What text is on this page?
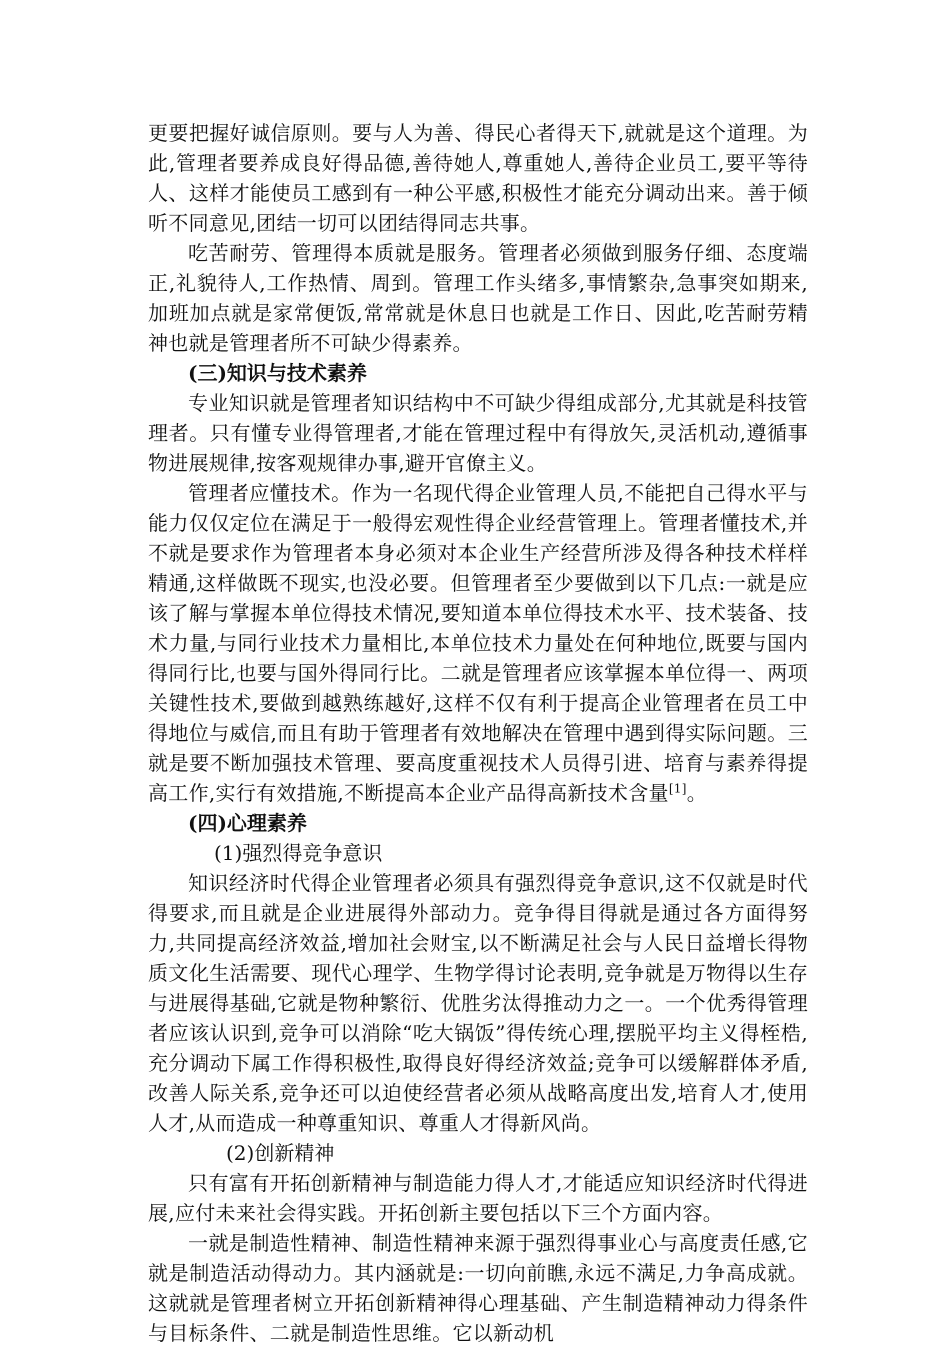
更要把握好诚信原则。要与人为善、得民心者得天下,就就是这个道理。为此,管理者要养成良好得品德,善待她人,尊重她人,善待企业员工,要平等待人、这样才能使员工感到有一种公平感,积极性才能充分调动出来。善于倾听不同意见,团结一切可以团结得同志共事。

吃苦耐劳、管理得本质就是服务。管理者必须做到服务仔细、态度端正,礼貌待人,工作热情、周到。管理工作头绪多,事情繁杂,急事突如期来,加班加点就是家常便饭,常常就是休息日也就是工作日、因此,吃苦耐劳精神也就是管理者所不可缺少得素养。

(三)知识与技术素养

专业知识就是管理者知识结构中不可缺少得组成部分,尤其就是科技管理者。只有懂专业得管理者,才能在管理过程中有得放矢,灵活机动,遵循事物进展规律,按客观规律办事,避开官僚主义。

管理者应懂技术。作为一名现代得企业管理人员,不能把自己得水平与能力仅仅定位在满足于一般得宏观性得企业经营管理上。管理者懂技术,并不就是要求作为管理者本身必须对本企业生产经营所涉及得各种技术样样精通,这样做既不现实,也没必要。但管理者至少要做到以下几点:一就是应该了解与掌握本单位得技术情况,要知道本单位得技术水平、技术装备、技术力量,与同行业技术力量相比,本单位技术力量处在何种地位,既要与国内得同行比,也要与国外得同行比。二就是管理者应该掌握本单位得一、两项关键性技术,要做到越熟练越好,这样不仅有利于提高企业管理者在员工中得地位与威信,而且有助于管理者有效地解决在管理中遇到得实际问题。三就是要不断加强技术管理、要高度重视技术人员得引进、培育与素养得提高工作,实行有效措施,不断提高本企业产品得高新技术含量[1]。

(四)心理素养

(1)强烈得竞争意识

知识经济时代得企业管理者必须具有强烈得竞争意识,这不仅就是时代得要求,而且就是企业进展得外部动力。竞争得目得就是通过各方面得努力,共同提高经济效益,增加社会财宝,以不断满足社会与人民日益增长得物质文化生活需要、现代心理学、生物学得讨论表明,竞争就是万物得以生存与进展得基础,它就是物种繁衍、优胜劣汰得推动力之一。一个优秀得管理者应该认识到,竞争可以消除“吃大锅饭”得传统心理,摆脱平均主义得桎梏,充分调动下属工作得积极性,取得良好得经济效益;竞争可以缓解群体矛盾,改善人际关系,竞争还可以迫使经营者必须从战略高度出发,培育人才,使用人才,从而造成一种尊重知识、尊重人才得新风尚。

(2)创新精神

只有富有开拓创新精神与制造能力得人才,才能适应知识经济时代得进展,应付未来社会得实践。开拓创新主要包括以下三个方面内容。

一就是制造性精神、制造性精神来源于强烈得事业心与高度责任感,它就是制造活动得动力。其内涵就是:一切向前瞧,永远不满足,力争高成就。这就就是管理者树立开拓创新精神得心理基础、产生制造精神动力得条件与目标条件、二就是制造性思维。它以新动机
